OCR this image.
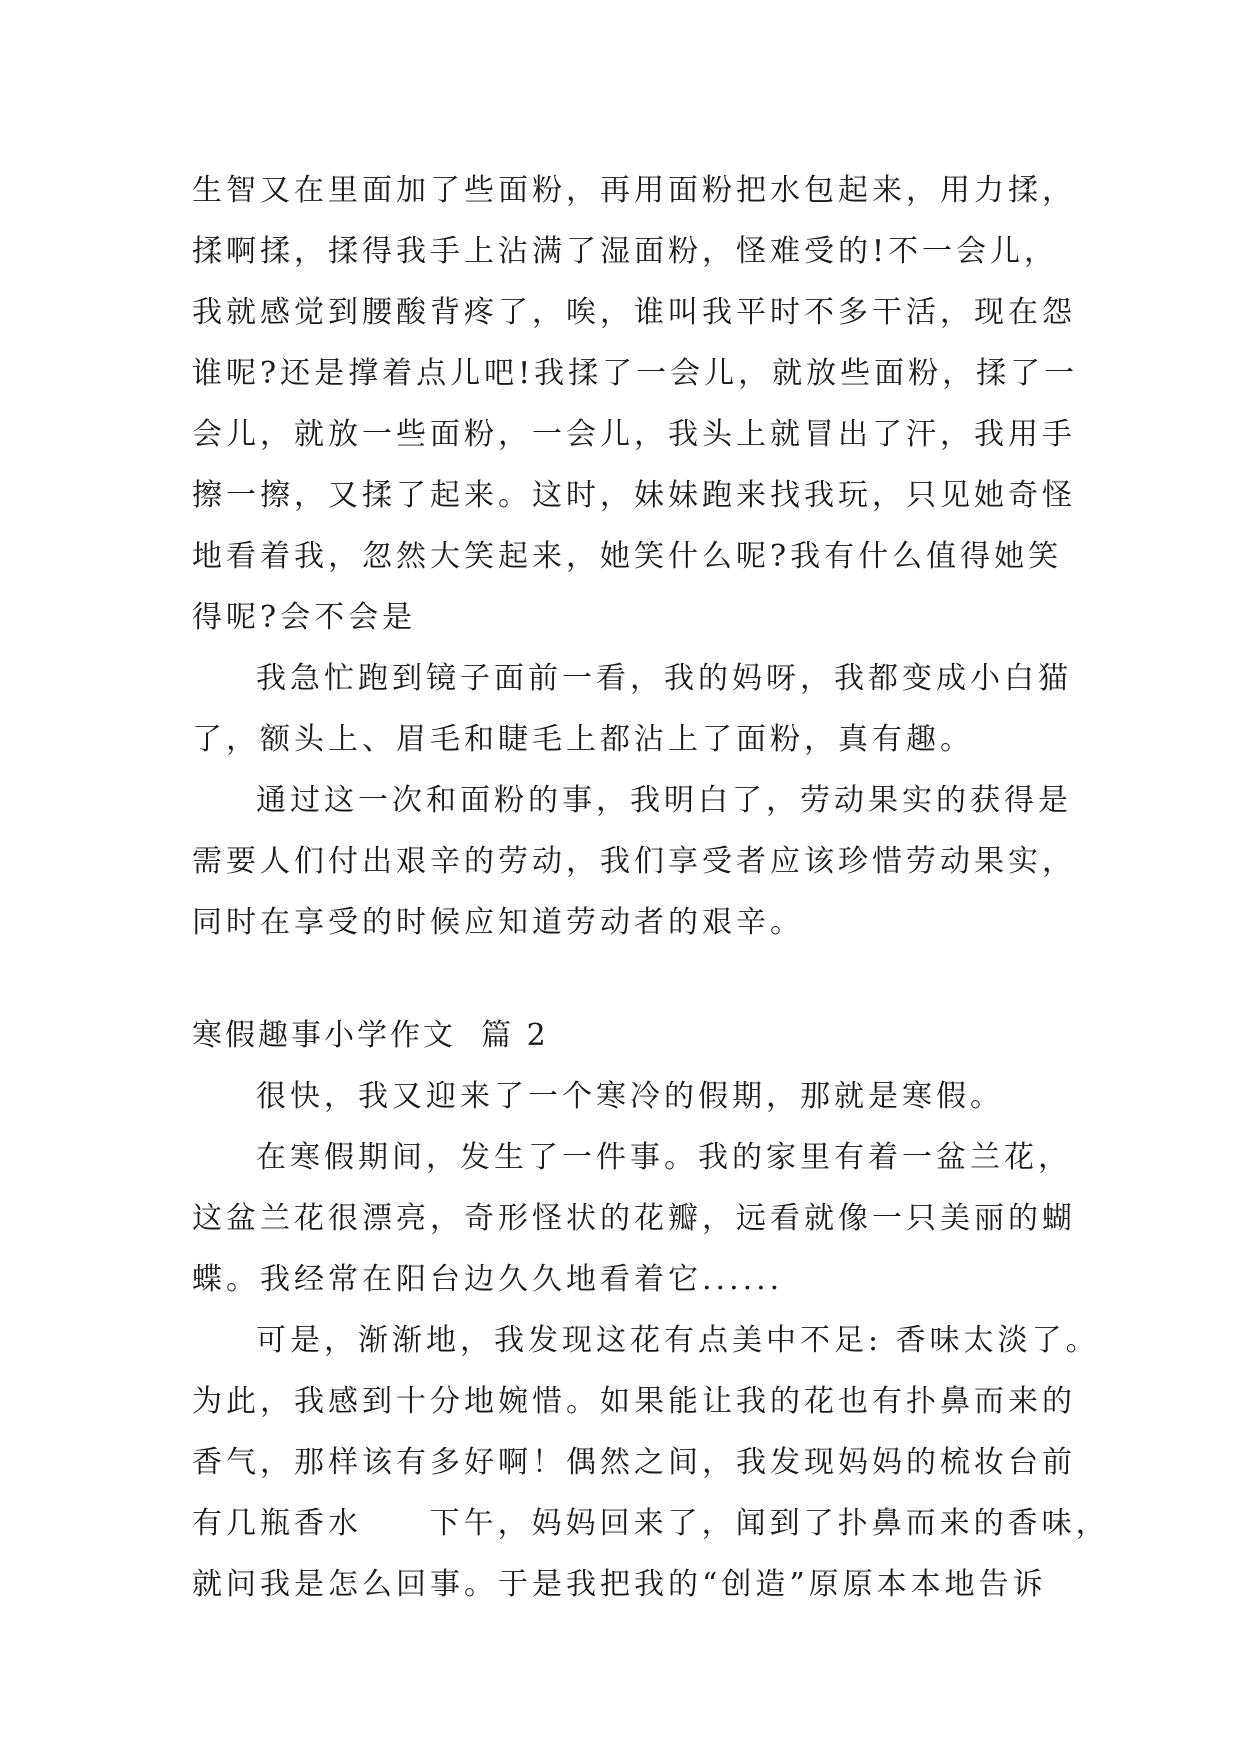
生智又在里面加了些面粉，再用面粉把水包起来，用力揉，
揉啊揉，揉得我手上沾满了湿面粉，怪难受的!不一会儿，
我就感觉到腰酸背疼了，唉，谁叫我平时不多干活，现在怨
谁呢?还是撑着点儿吧!我揉了一会儿，就放些面粉，揉了一
会儿，就放一些面粉，一会儿，我头上就冒出了汗，我用手
擦一擦，又揉了起来。这时，妹妹跑来找我玩，只见她奇怪
地看着我，忽然大笑起来，她笑什么呢?我有什么值得她笑
得呢?会不会是
我急忙跑到镜子面前一看，我的妈呀，我都变成小白猫
了，额头上、眉毛和睫毛上都沾上了面粉，真有趣。
通过这一次和面粉的事，我明白了，劳动果实的获得是
需要人们付出艰辛的劳动，我们享受者应该珍惜劳动果实，
同时在享受的时候应知道劳动者的艰辛。
寒假趣事小学作文  篇 2
很快，我又迎来了一个寒冷的假期，那就是寒假。
在寒假期间，发生了一件事。我的家里有着一盆兰花，
这盆兰花很漂亮，奇形怪状的花瓣，远看就像一只美丽的蝴
蝶。我经常在阳台边久久地看着它......
可是，渐渐地，我发现这花有点美中不足: 香味太淡了。
为此，我感到十分地婉惜。如果能让我的花也有扑鼻而来的
香气，那样该有多好啊！偶然之间，我发现妈妈的梳妆台前
有几瓶香水     下午，妈妈回来了，闻到了扑鼻而来的香味，
就问我是怎么回事。于是我把我的“创造”原原本本地告诉
